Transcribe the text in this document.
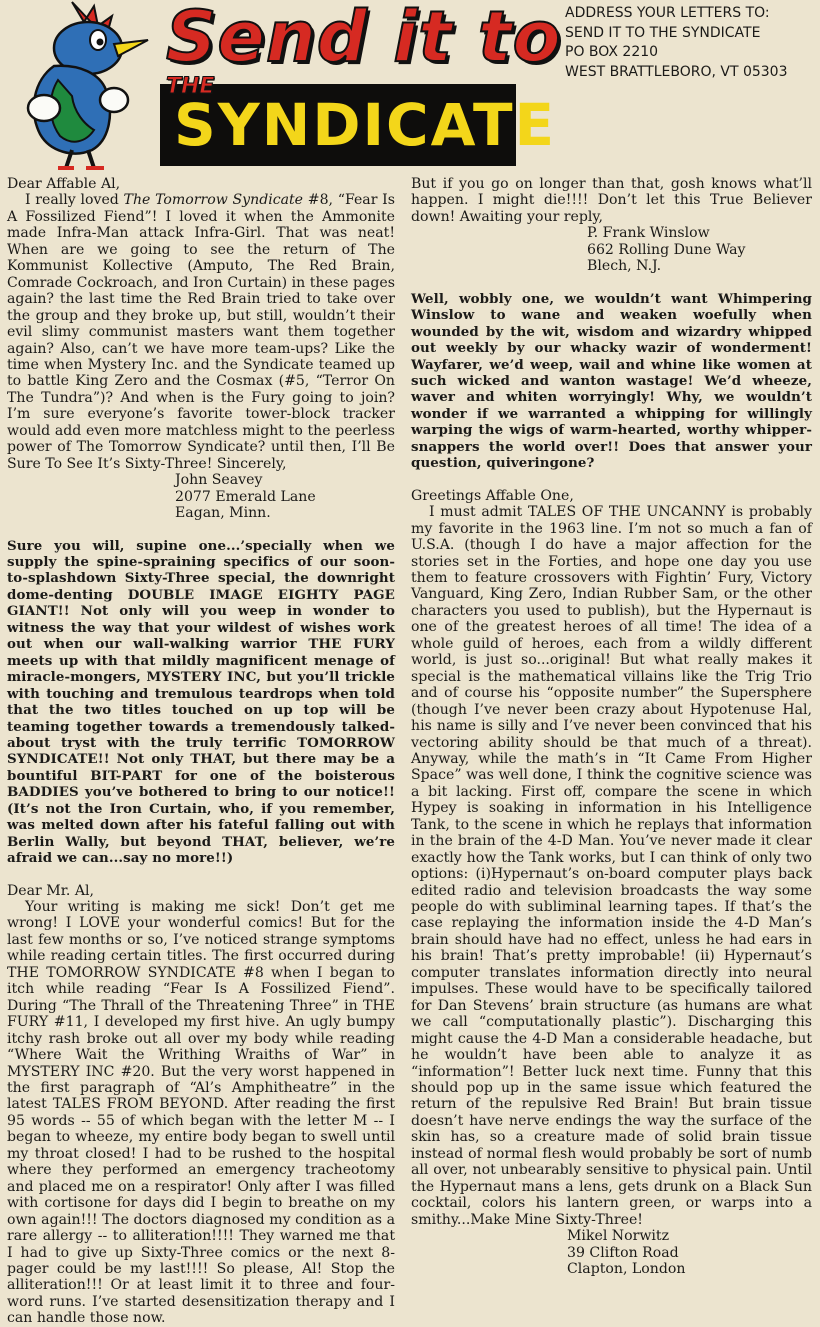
Send it to
THE
SYNDICATE
ADDRESS YOUR LETTERS TO:
SEND IT TO THE SYNDICATE
PO BOX 2210
WEST BRATTLEBORO, VT 05303

Dear Affable Al,

I really loved The Tomorrow Syndicate #8, “Fear Is A Fossilized Fiend”! I loved it when the Ammonite made Infra-Man attack Infra-Girl. That was neat! When are we going to see the return of The Kommunist Kollective (Amputo, The Red Brain, Comrade Cockroach, and Iron Curtain) in these pages again? the last time the Red Brain tried to take over the group and they broke up, but still, wouldn’t their evil slimy communist masters want them together again? Also, can’t we have more team-ups? Like the time when Mystery Inc. and the Syndicate teamed up to battle King Zero and the Cosmax (#5, “Terror On The Tundra”)? And when is the Fury going to join? I’m sure everyone’s favorite tower-block tracker would add even more matchless might to the peerless power of The Tomorrow Syndicate? until then, I’ll Be Sure To See It’s Sixty-Three! Sincerely,

John Seavey
2077 Emerald Lane
Eagan, Minn.

Sure you will, supine one...’specially when we supply the spine-spraining specifics of our soon-to-splashdown Sixty-Three special, the downright dome-denting DOUBLE IMAGE EIGHTY PAGE GIANT!! Not only will you weep in wonder to witness the way that your wildest of wishes work out when our wall-walking warrior THE FURY meets up with that mildly magnificent menage of miracle-mongers, MYSTERY INC, but you’ll trickle with touching and tremulous teardrops when told that the two titles touched on up top will be teaming together towards a tremendously talked-about tryst with the truly terrific TOMORROW SYNDICATE!! Not only THAT, but there may be a bountiful BIT-PART for one of the boisterous BADDIES you’ve bothered to bring to our notice!! (It’s not the Iron Curtain, who, if you remember, was melted down after his fateful falling out with Berlin Wally, but beyond THAT, believer, we’re afraid we can...say no more!!)

Dear Mr. Al,

Your writing is making me sick! Don’t get me wrong! I LOVE your wonderful comics! But for the last few months or so, I’ve noticed strange symptoms while reading certain titles. The first occurred during THE TOMORROW SYNDICATE #8 when I began to itch while reading “Fear Is A Fossilized Fiend”. During “The Thrall of the Threatening Three” in THE FURY #11, I developed my first hive. An ugly bumpy itchy rash broke out all over my body while reading “Where Wait the Writhing Wraiths of War” in MYSTERY INC #20. But the very worst happened in the first paragraph of “Al’s Amphitheatre” in the latest TALES FROM BEYOND. After reading the first 95 words -- 55 of which began with the letter M -- I began to wheeze, my entire body began to swell until my throat closed! I had to be rushed to the hospital where they performed an emergency tracheotomy and placed me on a respirator! Only after I was filled with cortisone for days did I begin to breathe on my own again!!! The doctors diagnosed my condition as a rare allergy -- to alliteration!!!! They warned me that I had to give up Sixty-Three comics or the next 8-pager could be my last!!!! So please, Al! Stop the alliteration!!! Or at least limit it to three and four-word runs. I’ve started desensitization therapy and I can handle those now.

But if you go on longer than that, gosh knows what’ll happen. I might die!!!! Don’t let this True Believer down! Awaiting your reply,

P. Frank Winslow
662 Rolling Dune Way
Blech, N.J.

Well, wobbly one, we wouldn’t want Whimpering Winslow to wane and weaken woefully when wounded by the wit, wisdom and wizardry whipped out weekly by our whacky wazir of wonderment! Wayfarer, we’d weep, wail and whine like women at such wicked and wanton wastage! We’d wheeze, waver and whiten worryingly! Why, we wouldn’t wonder if we warranted a whipping for willingly warping the wigs of warm-hearted, worthy whipper-snappers the world over!! Does that answer your question, quiveringone?

Greetings Affable One,

I must admit TALES OF THE UNCANNY is probably my favorite in the 1963 line. I’m not so much a fan of U.S.A. (though I do have a major affection for the stories set in the Forties, and hope one day you use them to feature crossovers with Fightin’ Fury, Victory Vanguard, King Zero, Indian Rubber Sam, or the other characters you used to publish), but the Hypernaut is one of the greatest heroes of all time! The idea of a whole guild of heroes, each from a wildly different world, is just so...original! But what really makes it special is the mathematical villains like the Trig Trio and of course his “opposite number” the Supersphere (though I’ve never been crazy about Hypotenuse Hal, his name is silly and I’ve never been convinced that his vectoring ability should be that much of a threat). Anyway, while the math’s in “It Came From Higher Space” was well done, I think the cognitive science was a bit lacking. First off, compare the scene in which Hypey is soaking in information in his Intelligence Tank, to the scene in which he replays that information in the brain of the 4-D Man. You’ve never made it clear exactly how the Tank works, but I can think of only two options: (i)Hypernaut’s on-board computer plays back edited radio and television broadcasts the way some people do with subliminal learning tapes. If that’s the case replaying the information inside the 4-D Man’s brain should have had no effect, unless he had ears in his brain! That’s pretty improbable! (ii) Hypernaut’s computer translates information directly into neural impulses. These would have to be specifically tailored for Dan Stevens’ brain structure (as humans are what we call “computationally plastic”). Discharging this might cause the 4-D Man a considerable headache, but he wouldn’t have been able to analyze it as “information”! Better luck next time. Funny that this should pop up in the same issue which featured the return of the repulsive Red Brain! But brain tissue doesn’t have nerve endings the way the surface of the skin has, so a creature made of solid brain tissue instead of normal flesh would probably be sort of numb all over, not unbearably sensitive to physical pain. Until the Hypernaut mans a lens, gets drunk on a Black Sun cocktail, colors his lantern green, or warps into a smithy...Make Mine Sixty-Three!

Mikel Norwitz
39 Clifton Road
Clapton, London
